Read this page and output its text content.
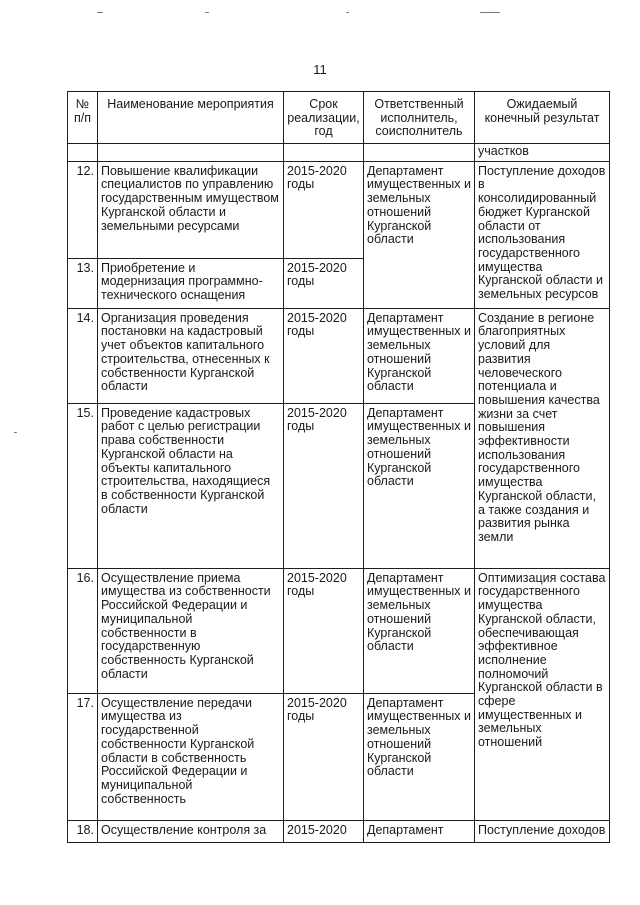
11
№ п/п	Наименование мероприятия	Срок реализации, год	Ответственный исполнитель, соисполнитель	Ожидаемый конечный результат
				участков
12.	Повышение квалификации специалистов по управлению государственным имуществом Курганской области и земельными ресурсами	2015-2020 годы	Департамент имущественных и земельных отношений Курганской области	Поступление доходов в консолидированный бюджет Курганской области от использования государственного имущества Курганской области и земельных ресурсов
13.	Приобретение и модернизация программно-технического оснащения	2015-2020 годы		
14.	Организация проведения постановки на кадастровый учет объектов капитального строительства, отнесенных к собственности Курганской области	2015-2020 годы	Департамент имущественных и земельных отношений Курганской области	Создание в регионе благоприятных условий для развития человеческого потенциала и повышения качества жизни за счет повышения эффективности использования государственного имущества Курганской области, а также создания и развития рынка земли
15.	Проведение кадастровых работ с целью регистрации права собственности Курганской области на объекты капитального строительства, находящиеся в собственности Курганской области	2015-2020 годы	Департамент имущественных и земельных отношений Курганской области	
16.	Осуществление приема имущества из собственности Российской Федерации и муниципальной собственности в государственную собственность Курганской области	2015-2020 годы	Департамент имущественных и земельных отношений Курганской области	Оптимизация состава государственного имущества Курганской области, обеспечивающая эффективное исполнение полномочий Курганской области в сфере имущественных и земельных отношений
17.	Осуществление передачи имущества из государственной собственности Курганской области в собственность Российской Федерации и муниципальной собственность	2015-2020 годы	Департамент имущественных и земельных отношений Курганской области	
18.	Осуществление контроля за	2015-2020	Департамент	Поступление доходов
